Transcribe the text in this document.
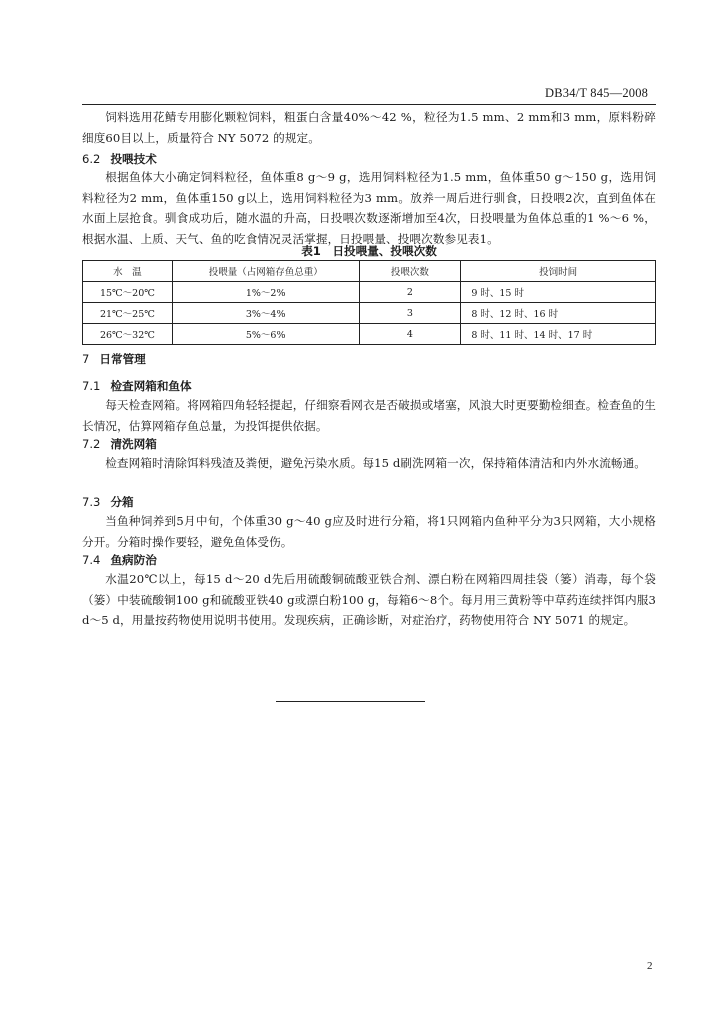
DB34/T 845—2008

饲料选用花鲭专用膨化颗粒饲料，粗蛋白含量40%～42 %，粒径为1.5 mm、2 mm和3 mm，原料粉碎细度60目以上，质量符合 NY 5072 的规定。

6.2 投喂技术

根据鱼体大小确定饲料粒径，鱼体重8 g～9 g，选用饲料粒径为1.5 mm，鱼体重50 g～150 g，选用饲料粒径为2 mm，鱼体重150 g以上，选用饲料粒径为3 mm。放养一周后进行驯食，日投喂2次，直到鱼体在水面上层抢食。驯食成功后，随水温的升高，日投喂次数逐渐增加至4次，日投喂量为鱼体总重的1 %～6 %，根据水温、上质、天气、鱼的吃食情况灵活掌握，日投喂量、投喂次数参见表1。

表1　日投喂量、投喂次数
水　温	投喂量（占网箱存鱼总重）	投喂次数	投饲时间
15℃～20℃	1%～2%	2	9 时、15 时
21℃～25℃	3%～4%	3	8 时、12 时、16 时
26℃～32℃	5%～6%	4	8 时、11 时、14 时、17 时
7 日常管理
7.1 检查网箱和鱼体

每天检查网箱。将网箱四角轻轻提起，仔细察看网衣是否破损或堵塞，风浪大时更要勤检细查。检查鱼的生长情况，估算网箱存鱼总量，为投饵提供依据。

7.2 清洗网箱

检查网箱时清除饵料残渣及粪便，避免污染水质。每15 d刷洗网箱一次，保持箱体清洁和内外水流畅通。

7.3 分箱

当鱼种饲养到5月中旬，个体重30 g～40 g应及时进行分箱，将1只网箱内鱼种平分为3只网箱，大小规格分开。分箱时操作要轻，避免鱼体受伤。

7.4 鱼病防治

水温20℃以上，每15 d～20 d先后用硫酸铜硫酸亚铁合剂、漂白粉在网箱四周挂袋（篓）消毒，每个袋（篓）中装硫酸铜100 g和硫酸亚铁40 g或漂白粉100 g，每箱6～8个。每月用三黄粉等中草药连续拌饵内服3 d～5 d，用量按药物使用说明书使用。发现疾病，正确诊断，对症治疗，药物使用符合 NY 5071 的规定。

2
